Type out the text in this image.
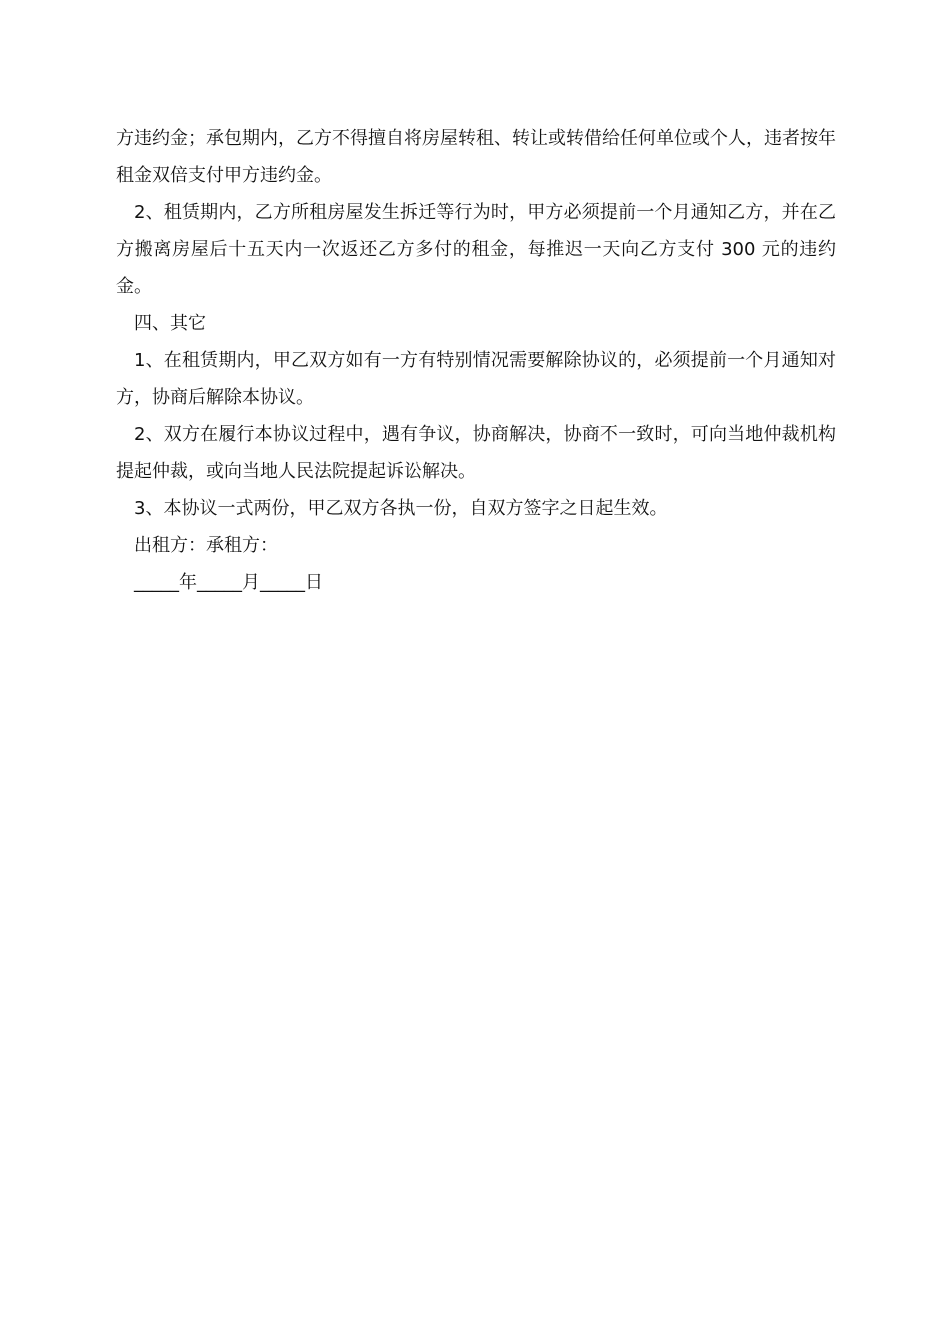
方违约金；承包期内，乙方不得擅自将房屋转租、转让或转借给任何单位或个人，违者按年租金双倍支付甲方违约金。

2、租赁期内，乙方所租房屋发生拆迁等行为时，甲方必须提前一个月通知乙方，并在乙方搬离房屋后十五天内一次返还乙方多付的租金，每推迟一天向乙方支付 300 元的违约金。

四、其它

1、在租赁期内，甲乙双方如有一方有特别情况需要解除协议的，必须提前一个月通知对方，协商后解除本协议。

2、双方在履行本协议过程中，遇有争议，协商解决，协商不一致时，可向当地仲裁机构提起仲裁，或向当地人民法院提起诉讼解决。

3、本协议一式两份，甲乙双方各执一份，自双方签字之日起生效。

出租方：承租方：

_____年_____月_____日
